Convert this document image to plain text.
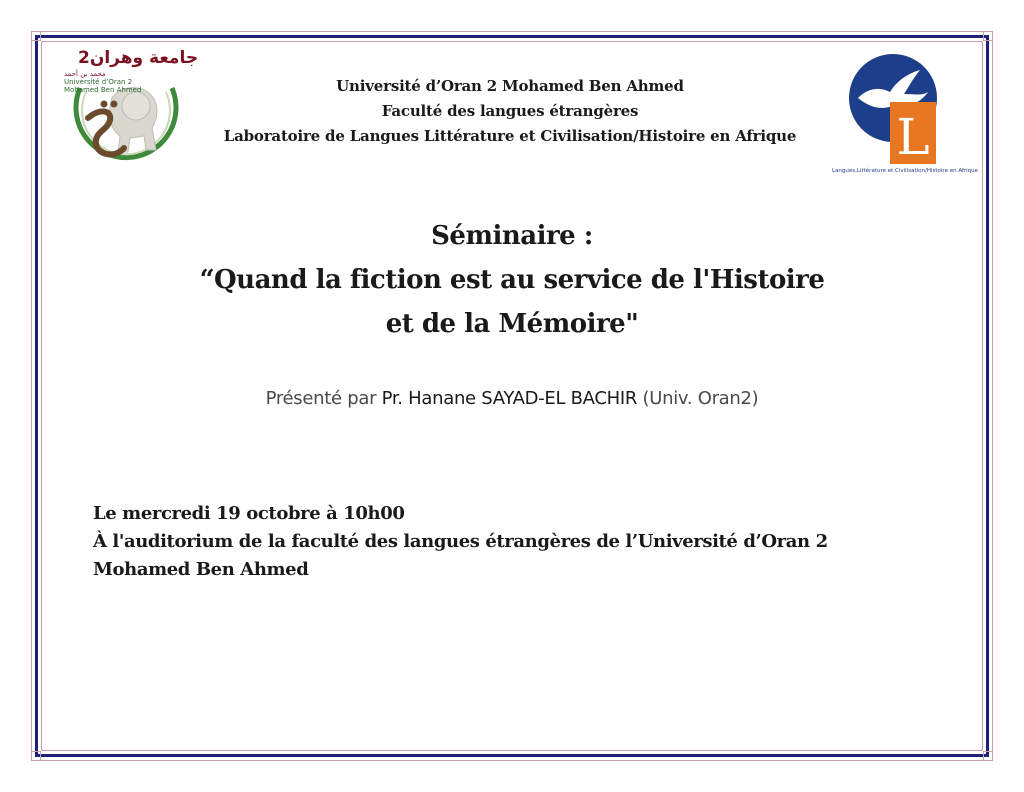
جامعة وهران2
محمد بن أحمد
Université d’Oran 2
Mohamed Ben Ahmed	Université d’Oran 2 Mohamed Ben Ahmed
Faculté des langues étrangères
Laboratoire de Langues Littérature et Civilisation/Histoire en Afrique	L
Langues,Littérature et Civilisation/Histoire en Afrique
Séminaire :
“Quand la fiction est au service de l'Histoire
et de la Mémoire"
Présenté par Pr. Hanane SAYAD-EL BACHIR (Univ. Oran2)
Le mercredi 19 octobre à 10h00
À l'auditorium de la faculté des langues étrangères de l’Université d’Oran 2
Mohamed Ben Ahmed
